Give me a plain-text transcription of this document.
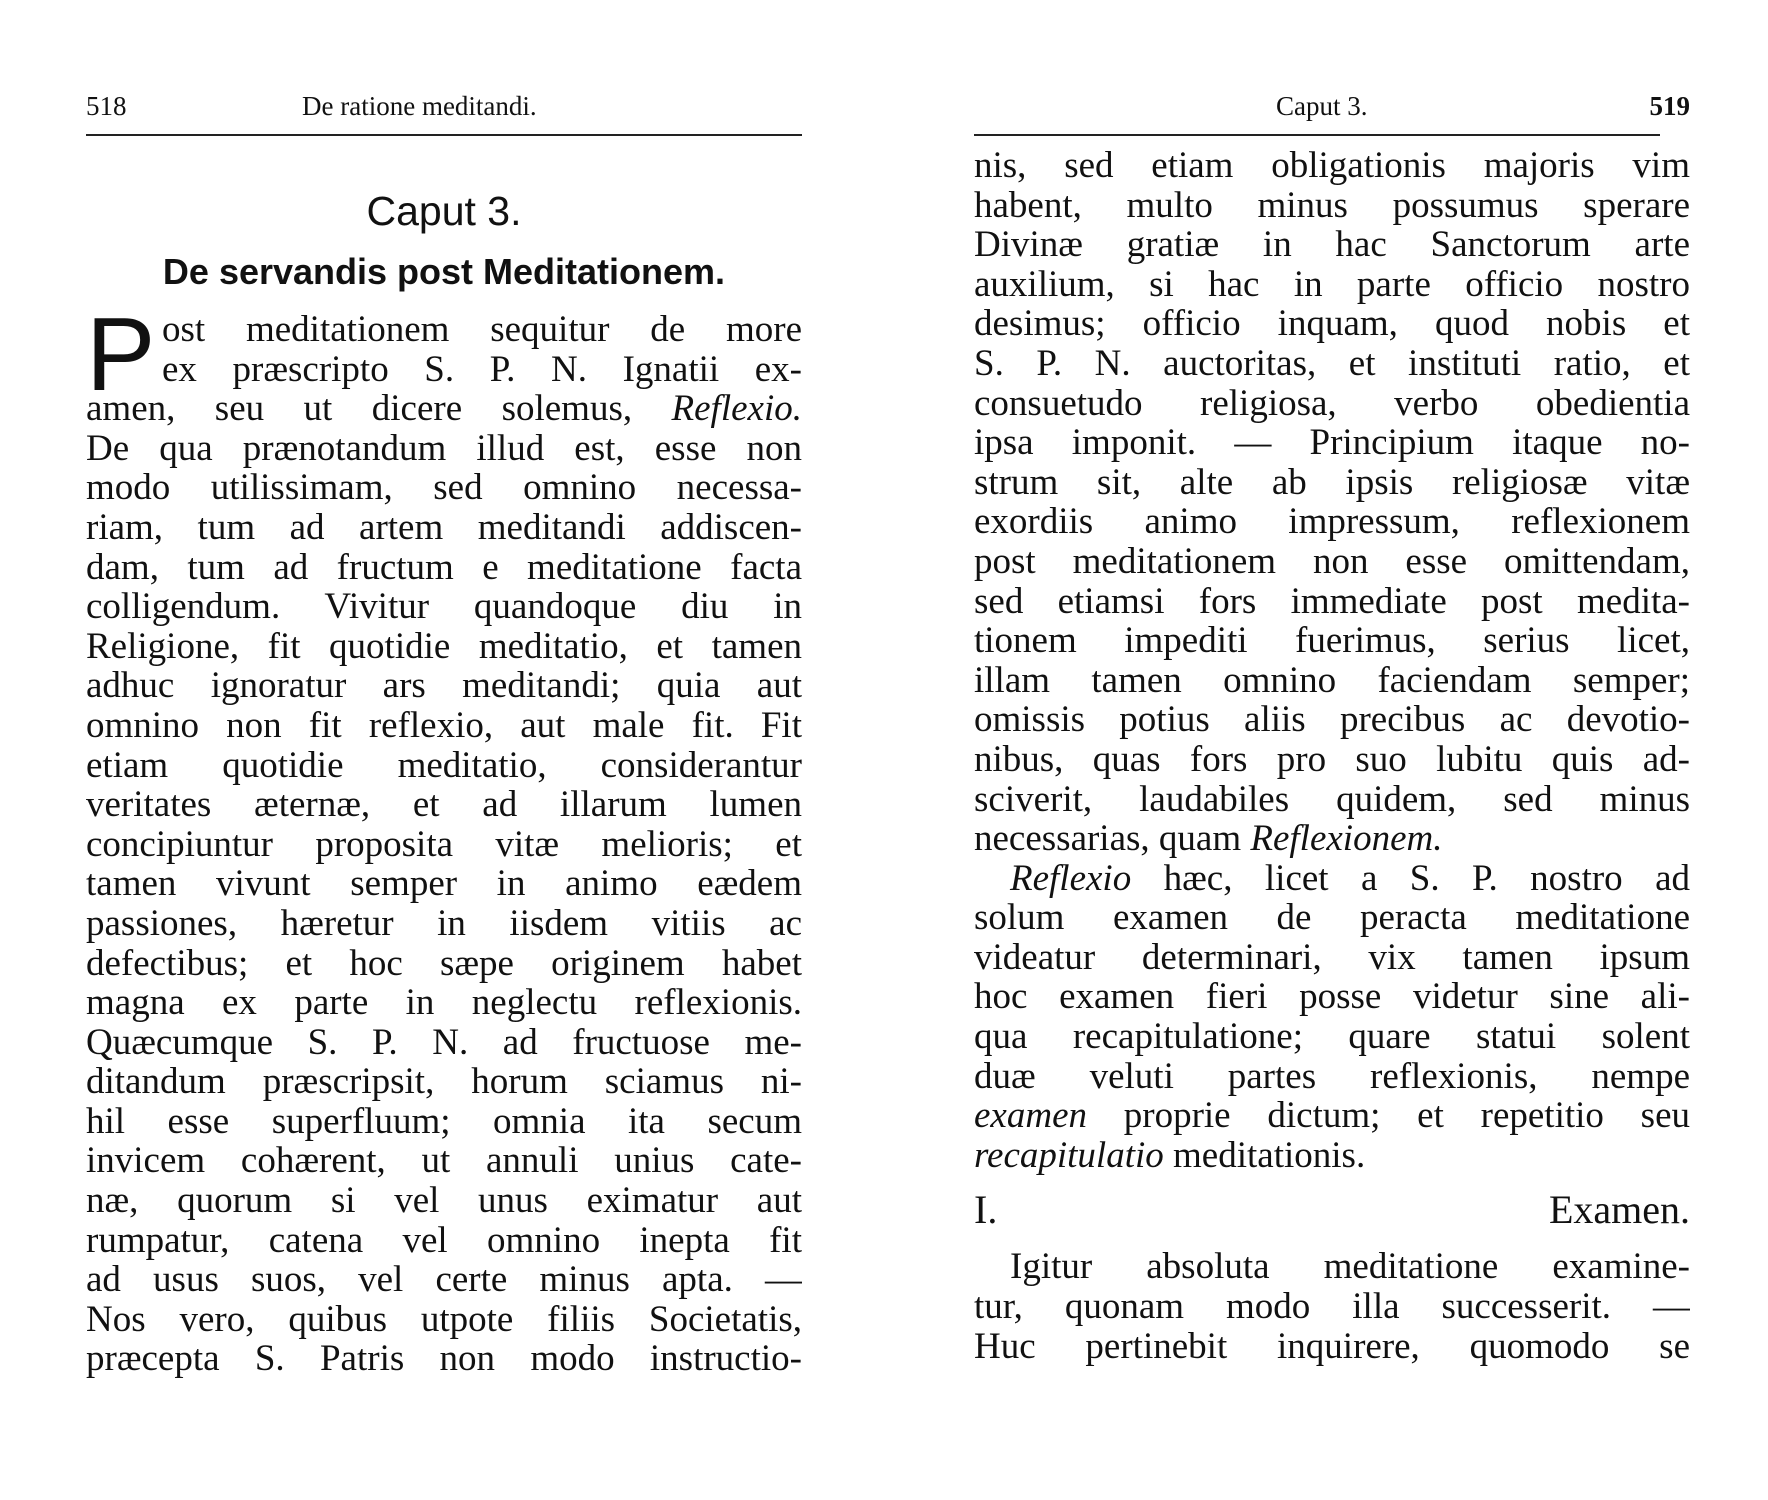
518	De ratione meditandi.
Caput 3.
De servandis post Meditationem.
P ost meditationem sequitur de more
ex præscripto S. P. N. Ignatii ex-
amen, seu ut dicere solemus, Reflexio.
De qua prænotandum illud est, esse non
modo utilissimam, sed omnino necessa-
riam, tum ad artem meditandi addiscen-
dam, tum ad fructum e meditatione facta
colligendum. Vivitur quandoque diu in
Religione, fit quotidie meditatio, et tamen
adhuc ignoratur ars meditandi; quia aut
omnino non fit reflexio, aut male fit. Fit
etiam quotidie meditatio, considerantur
veritates æternæ, et ad illarum lumen
concipiuntur proposita vitæ melioris; et
tamen vivunt semper in animo eædem
passiones, hæretur in iisdem vitiis ac
defectibus; et hoc sæpe originem habet
magna ex parte in neglectu reflexionis.
Quæcumque S. P. N. ad fructuose me-
ditandum præscripsit, horum sciamus ni-
hil esse superfluum; omnia ita secum
invicem cohærent, ut annuli unius cate-
næ, quorum si vel unus eximatur aut
rumpatur, catena vel omnino inepta fit
ad usus suos, vel certe minus apta. —
Nos vero, quibus utpote filiis Societatis,
præcepta S. Patris non modo instructio-
Caput 3.	519
nis, sed etiam obligationis majoris vim
habent, multo minus possumus sperare
Divinæ gratiæ in hac Sanctorum arte
auxilium, si hac in parte officio nostro
desimus; officio inquam, quod nobis et
S. P. N. auctoritas, et instituti ratio, et
consuetudo religiosa, verbo obedientia
ipsa imponit. — Principium itaque no-
strum sit, alte ab ipsis religiosæ vitæ
exordiis animo impressum, reflexionem
post meditationem non esse omittendam,
sed etiamsi fors immediate post medita-
tionem impediti fuerimus, serius licet,
illam tamen omnino faciendam semper;
omissis potius aliis precibus ac devotio-
nibus, quas fors pro suo lubitu quis ad-
sciverit, laudabiles quidem, sed minus
necessarias, quam Reflexionem.
Reflexio hæc, licet a S. P. nostro ad
solum examen de peracta meditatione
videatur determinari, vix tamen ipsum
hoc examen fieri posse videtur sine ali-
qua recapitulatione; quare statui solent
duæ veluti partes reflexionis, nempe
examen proprie dictum; et repetitio seu
recapitulatio meditationis.
I. Examen.
Igitur absoluta meditatione examine-
tur, quonam modo illa successerit. —
Huc pertinebit inquirere, quomodo se
